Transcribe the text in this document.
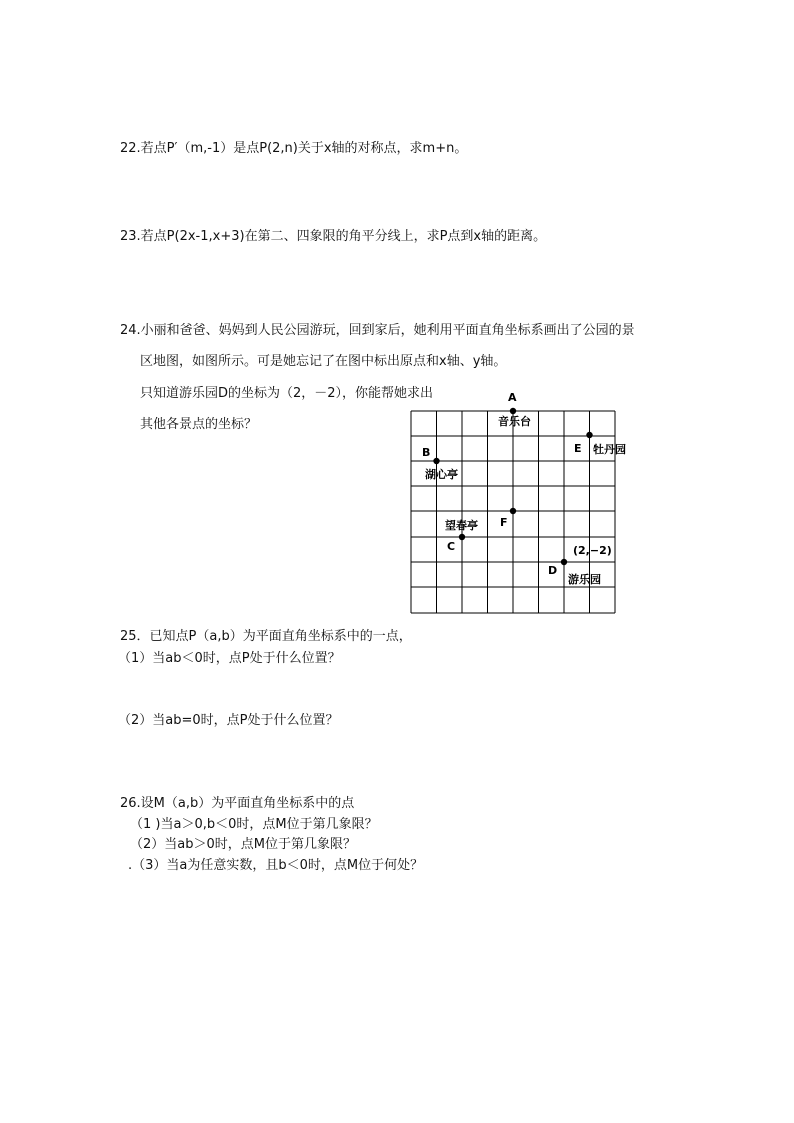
22.若点P′（m,-1）是点P(2,n)关于x轴的对称点，求m+n。
23.若点P(2x-1,x+3)在第二、四象限的角平分线上，求P点到x轴的距离。
24.小丽和爸爸、妈妈到人民公园游玩，回到家后，她利用平面直角坐标系画出了公园的景
区地图，如图所示。可是她忘记了在图中标出原点和x轴、y轴。
只知道游乐园D的坐标为（2，－2），你能帮她求出
其他各景点的坐标？
A
音乐台
E 牡丹园
B
湖心亭
F
望春亭
C	(2,−2)
D
游乐园
25．已知点P（a,b）为平面直角坐标系中的一点，
（1）当ab＜0时，点P处于什么位置？
（2）当ab=0时，点P处于什么位置？
26.设M（a,b）为平面直角坐标系中的点
（1 )当a＞0,b＜0时，点M位于第几象限？
（2）当ab＞0时，点M位于第几象限？
.（3）当a为任意实数，且b＜0时，点M位于何处？
